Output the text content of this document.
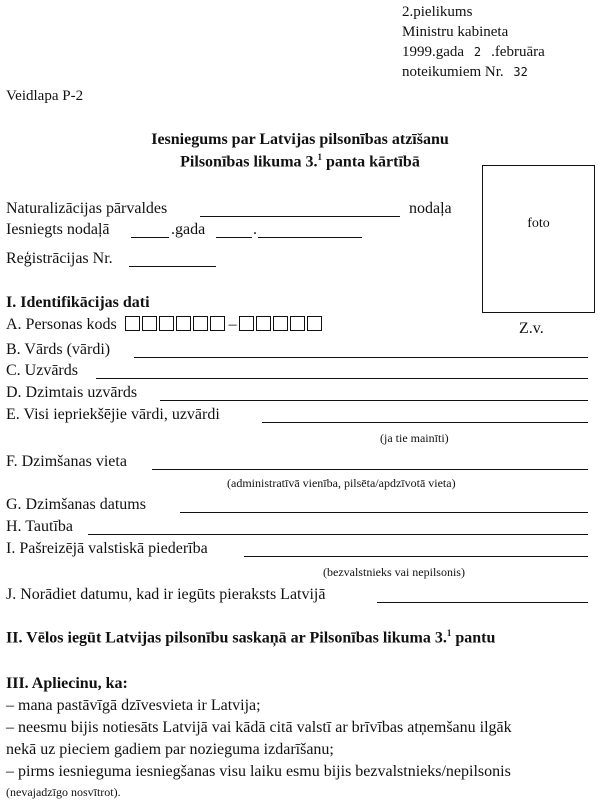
2.pielikums
Ministru kabineta
1999.gada 2 .februāra
noteikumiem Nr. 32
Veidlapa P-2
Iesniegums par Latvijas pilsonības atzīšanu
Pilsonības likuma 3.$^1$ panta kārtībā
foto
Naturalizācijas pārvaldes	nodaļa
Iesniegts nodaļā	.gada	.
Reģistrācijas Nr.
I. Identifikācijas dati
A. Personas kods	–	Z.v.
B. Vārds (vārdi)
C. Uzvārds
D. Dzimtais uzvārds
E. Visi iepriekšējie vārdi, uzvārdi
(ja tie mainīti)
F. Dzimšanas vieta
(administratīvā vienība, pilsēta/apdzīvotā vieta)
G. Dzimšanas datums
H. Tautība
I. Pašreizējā valstiskā piederība
(bezvalstnieks vai nepilsonis)
J. Norādiet datumu, kad ir iegūts pieraksts Latvijā
II. Vēlos iegūt Latvijas pilsonību saskaņā ar Pilsonības likuma 3.$^1$ pantu
III. Apliecinu, ka:
– mana pastāvīgā dzīvesvieta ir Latvija;
– neesmu bijis notiesāts Latvijā vai kādā citā valstī ar brīvības atņemšanu ilgāk
nekā uz pieciem gadiem par nozieguma izdarīšanu;
– pirms iesnieguma iesniegšanas visu laiku esmu bijis bezvalstnieks/nepilsonis
(nevajadzīgo nosvītrot).
